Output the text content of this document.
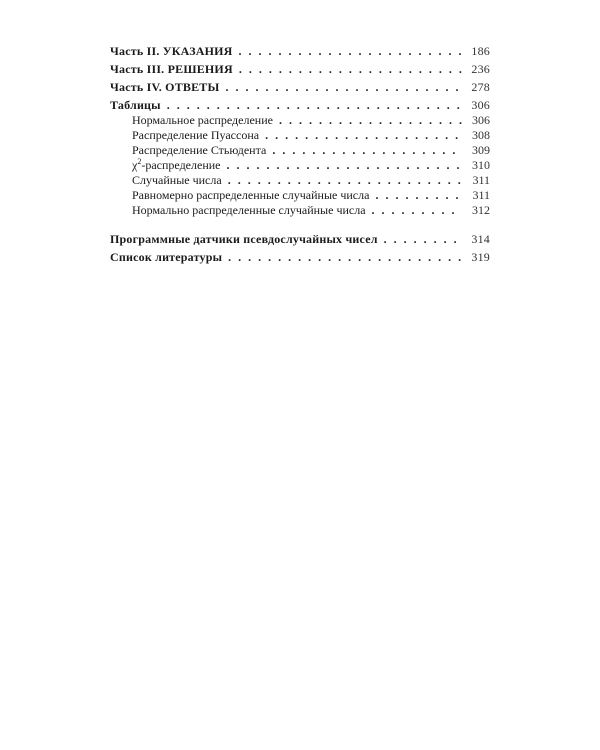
Часть II. УКАЗАНИЯ . . .	186
Часть III. РЕШЕНИЯ . . .	236
Часть IV. ОТВЕТЫ . . .	278
Таблицы . . .	306
Нормальное распределение . . .	306
Распределение Пуассона . . .	308
Распределение Стьюдента . . .	309
$\chi^2$-распределение . . .	310
Случайные числа . . .	311
Равномерно распределенные случайные числа . . .	311
Нормально распределенные случайные числа . . .	312
Программные датчики псевдослучайных чисел . . .	314
Список литературы . . .	319
